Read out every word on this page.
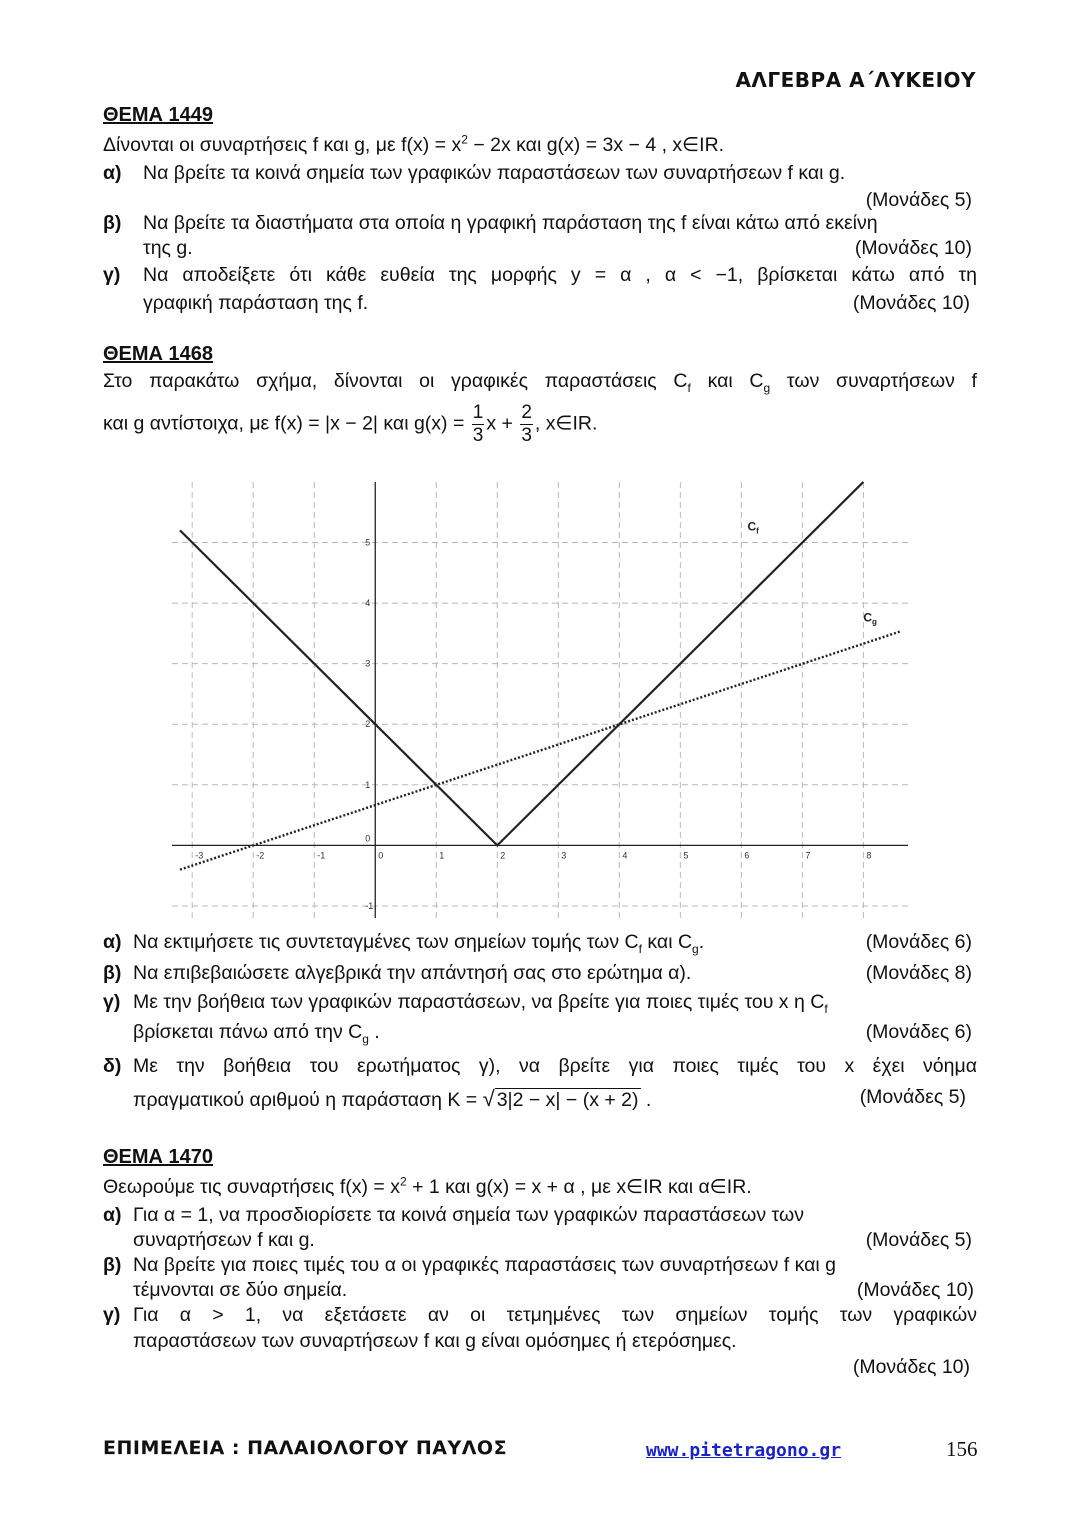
ΑΛΓΕΒΡΑ Α΄ΛΥΚΕΙΟΥ
ΘΕΜΑ 1449
Δίνονται οι συναρτήσεις f και g, με $f(x) = x^2 - 2x$ και g(x) = 3x − 4 , x∈IR.
α) Να βρείτε τα κοινά σημεία των γραφικών παραστάσεων των συναρτήσεων f και g.
(Μονάδες 5)
β) Να βρείτε τα διαστήματα στα οποία η γραφική παράσταση της f είναι κάτω από εκείνη
της g.	(Μονάδες 10)
γ) Να αποδείξετε ότι κάθε ευθεία της μορφής y = α , α < −1, βρίσκεται κάτω από τη
γραφική παράσταση της f.	(Μονάδες 10)
ΘΕΜΑ 1468
Στο παρακάτω σχήμα, δίνονται οι γραφικές παραστάσεις $C_f$ και $C_g$ των συναρτήσεων f
και g αντίστοιχα, με f(x) = |x − 2| και $g(x) = \frac{1}{3}$ $x + \frac{2}{3}$ , x∈IR.
-3	-2	-1	0	1	2	3	4	5	6	7	8
-1
0
1
2
3
4
5
$C_f$
$C_g$
α) Να εκτιμήσετε τις συντεταγμένες των σημείων τομής των $C_f$ και $C_g$.	(Μονάδες 6)
β) Να επιβεβαιώσετε αλγεβρικά την απάντησή σας στο ερώτημα α).	(Μονάδες 8)
γ) Με την βοήθεια των γραφικών παραστάσεων, να βρείτε για ποιες τιμές του x η $C_f$
βρίσκεται πάνω από την $C_g$ .	(Μονάδες 6)
δ) Με την βοήθεια του ερωτήματος γ), να βρείτε για ποιες τιμές του x έχει νόημα
πραγματικού αριθμού η παράσταση K = √ 3|2 − x| − (x + 2) .	(Μονάδες 5)
ΘΕΜΑ 1470
Θεωρούμε τις συναρτήσεις $f(x) = x^2 + 1$ και g(x) = x + α , με x∈IR και α∈IR.
α) Για α = 1, να προσδιορίσετε τα κοινά σημεία των γραφικών παραστάσεων των
συναρτήσεων f και g.	(Μονάδες 5)
β) Να βρείτε για ποιες τιμές του α οι γραφικές παραστάσεις των συναρτήσεων f και g
τέμνονται σε δύο σημεία.	(Μονάδες 10)
γ) Για α > 1, να εξετάσετε αν οι τετμημένες των σημείων τομής των γραφικών
παραστάσεων των συναρτήσεων f και g είναι ομόσημες ή ετερόσημες.
(Μονάδες 10)
ΕΠΙΜΕΛΕΙΑ : ΠΑΛΑΙΟΛΟΓΟΥ ΠΑΥΛΟΣ	www.pitetragono.gr	156
